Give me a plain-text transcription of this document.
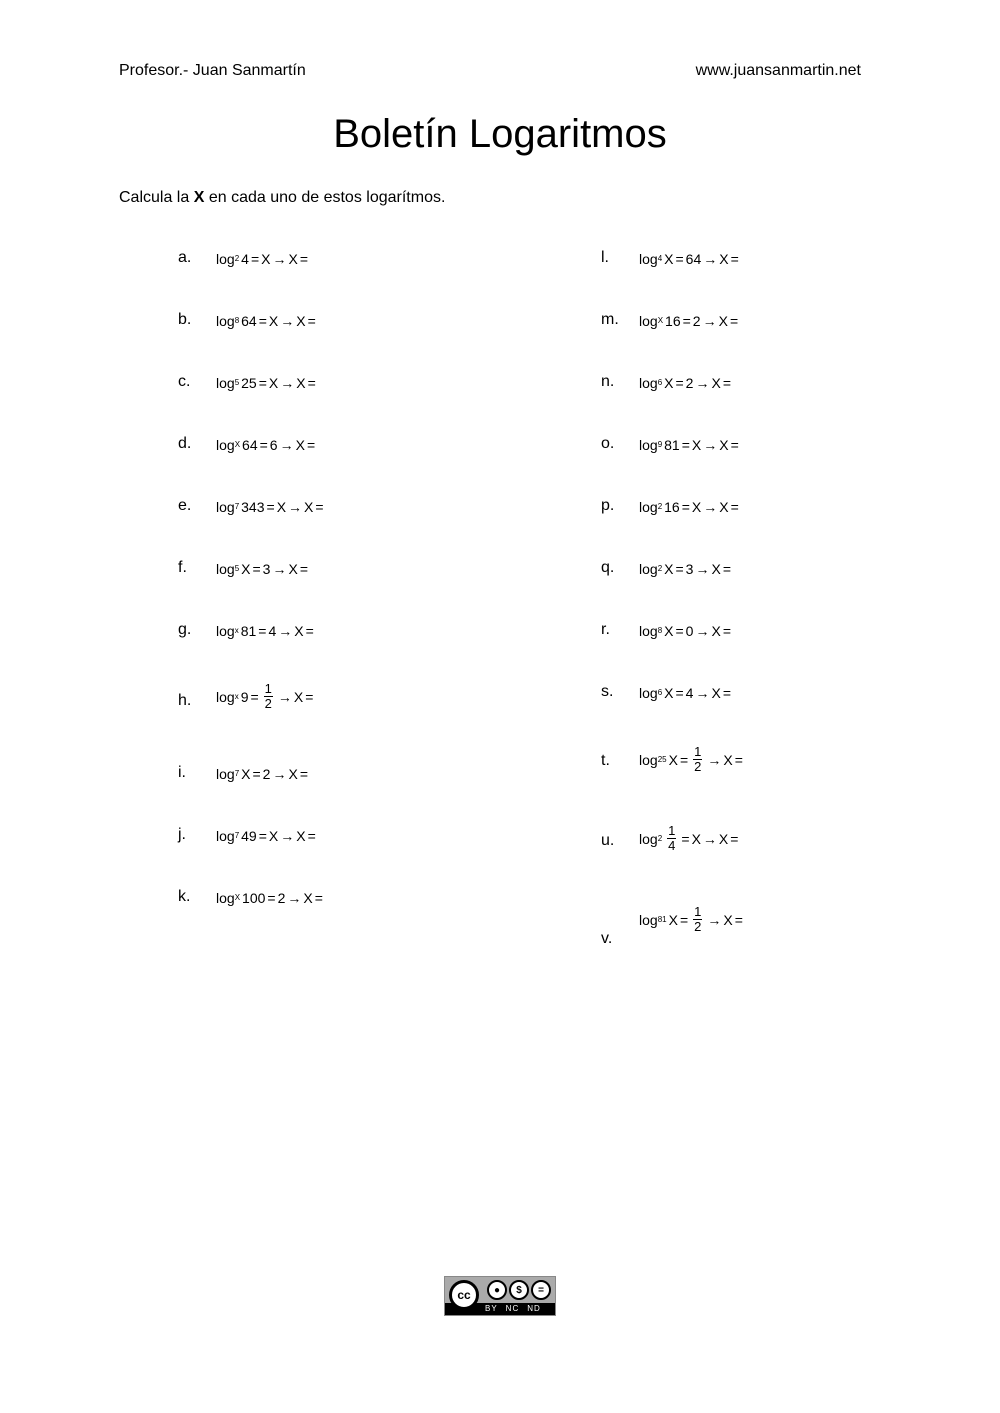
Profesor.- Juan Sanmartín	www.juansanmartin.net
Boletín Logaritmos
Calcula la X en cada uno de estos logarítmos.
a. log 2 4 = X → X =
b. log 8 64 = X → X =
c. log 5 25 = X → X =
d. log X 64 = 6 → X =
e. log 7 343 = X → X =
f. log 5 X = 3 → X =
g. log x 81 = 4 → X =
h. log x $9 = \frac{1}{2} \to X$ =
i. log 7 X = 2 → X =
j. log 7 49 = X → X =
k. log X 100 = 2 → X =
l. log 4 X = 64 → X =
m. log X 16 = 2 → X =
n. log 6 X = 2 → X =
o. log 9 81 = X → X =
p. log 2 16 = X → X =
q. log 2 X = 3 → X =
r. log 8 X = 0 → X =
s. log 6 X = 4 → X =
t. log 25 $X = \frac{1}{2} \to X$ =
u. $\log 2 \frac{1}{4} = X \to X$ =
v.
log 81 $X = \frac{1}{2} \to X$ =
cc	●	$	=
BY NC ND
